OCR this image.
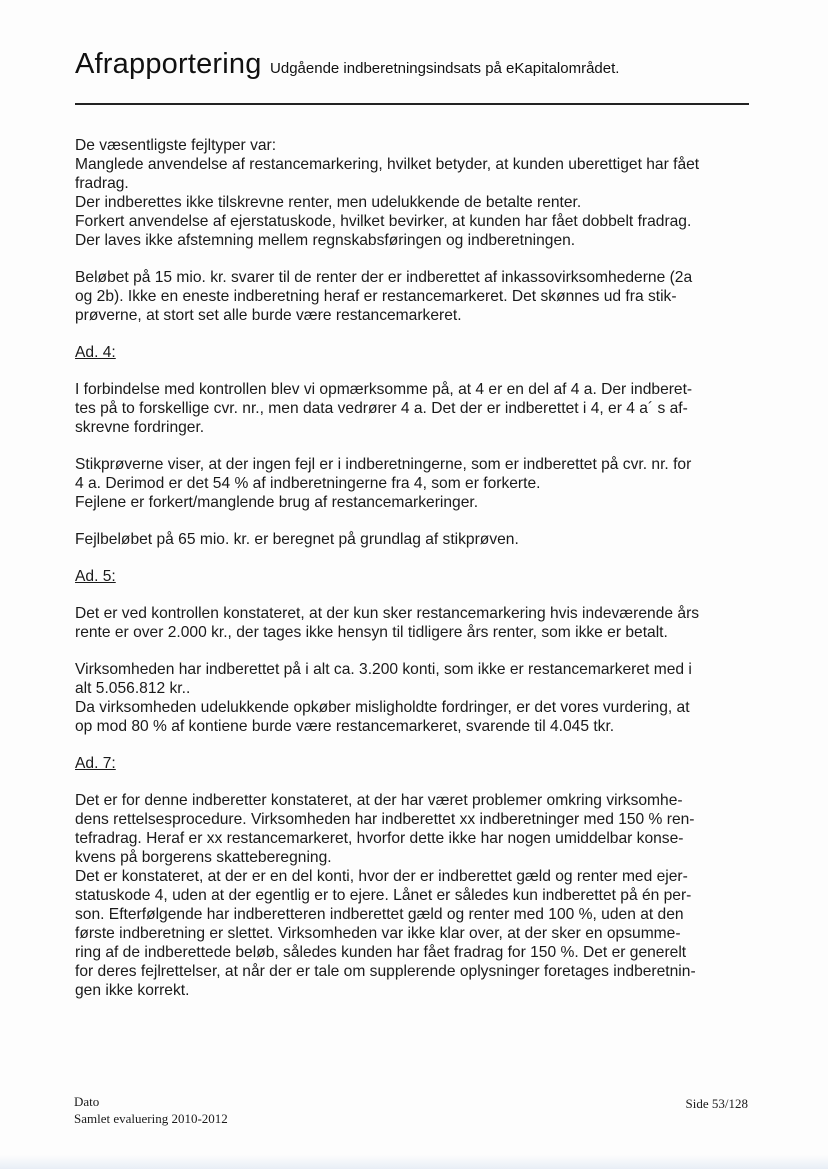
Afrapportering Udgående indberetningsindsats på eKapitalområdet.

De væsentligste fejltyper var:
Manglede anvendelse af restancemarkering, hvilket betyder, at kunden uberettiget har fået
fradrag.
Der indberettes ikke tilskrevne renter, men udelukkende de betalte renter.
Forkert anvendelse af ejerstatuskode, hvilket bevirker, at kunden har fået dobbelt fradrag.
Der laves ikke afstemning mellem regnskabsføringen og indberetningen.

Beløbet på 15 mio. kr. svarer til de renter der er indberettet af inkassovirksomhederne (2a
og 2b). Ikke en eneste indberetning heraf er restancemarkeret. Det skønnes ud fra stik-
prøverne, at stort set alle burde være restancemarkeret.

Ad. 4:

I forbindelse med kontrollen blev vi opmærksomme på, at 4 er en del af 4 a. Der indberet-
tes på to forskellige cvr. nr., men data vedrører 4 a. Det der er indberettet i 4, er 4 a´ s af-
skrevne fordringer.

Stikprøverne viser, at der ingen fejl er i indberetningerne, som er indberettet på cvr. nr. for
4 a. Derimod er det 54 % af indberetningerne fra 4, som er forkerte.
Fejlene er forkert/manglende brug af restancemarkeringer.

Fejlbeløbet på 65 mio. kr. er beregnet på grundlag af stikprøven.

Ad. 5:

Det er ved kontrollen konstateret, at der kun sker restancemarkering hvis indeværende års
rente er over 2.000 kr., der tages ikke hensyn til tidligere års renter, som ikke er betalt.

Virksomheden har indberettet på i alt ca. 3.200 konti, som ikke er restancemarkeret med i
alt 5.056.812 kr..
Da virksomheden udelukkende opkøber misligholdte fordringer, er det vores vurdering, at
op mod 80 % af kontiene burde være restancemarkeret, svarende til 4.045 tkr.

Ad. 7:

Det er for denne indberetter konstateret, at der har været problemer omkring virksomhe-
dens rettelsesprocedure. Virksomheden har indberettet xx indberetninger med 150 % ren-
tefradrag. Heraf er xx restancemarkeret, hvorfor dette ikke har nogen umiddelbar konse-
kvens på borgerens skatteberegning.
Det er konstateret, at der er en del konti, hvor der er indberettet gæld og renter med ejer-
statuskode 4, uden at der egentlig er to ejere. Lånet er således kun indberettet på én per-
son. Efterfølgende har indberetteren indberettet gæld og renter med 100 %, uden at den
første indberetning er slettet. Virksomheden var ikke klar over, at der sker en opsumme-
ring af de indberettede beløb, således kunden har fået fradrag for 150 %. Det er generelt
for deres fejlrettelser, at når der er tale om supplerende oplysninger foretages indberetnin-
gen ikke korrekt.

Dato
Samlet evaluering 2010-2012
Side 53/128
